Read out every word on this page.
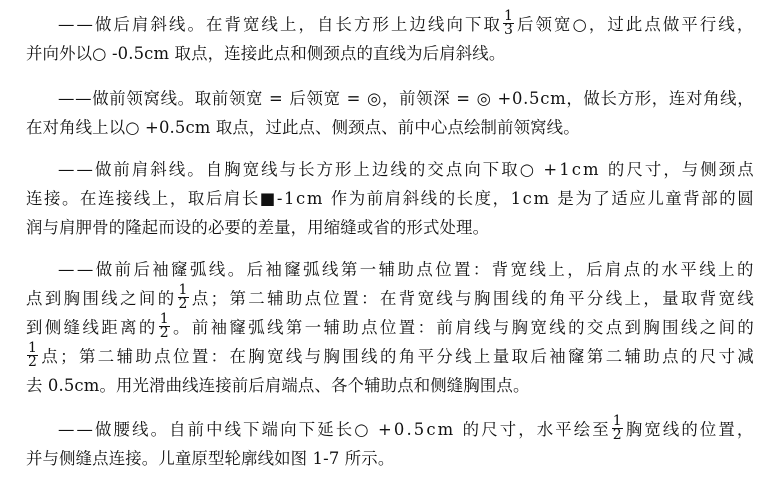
— — 做 后 肩 斜 线 。 在 背 宽 线 上 ， 自 长 方 形 上 边 线 向 下 取 $\frac{1}{3}$ 后 领 宽 ○ ， 过 此 点 做 平 行 线 ，
并向外以○ -0.5cm 取点，连接此点和侧颈点的直线为后肩斜线。
— — 做 前 领 窝 线 。 取 前 领 宽
=
后 领 宽
=
◎ ， 前 领 深
=
◎
+ 0 . 5 c m ， 做 长 方 形 ， 连 对 角 线 ，
在对角线上以○ +0.5cm 取点，过此点、侧颈点、前中心点绘制前领窝线。
— — 做 前 肩 斜 线 。 自 胸 宽 线 与 长 方 形 上 边 线 的 交 点 向 下 取 ○
+ 1 c m
的 尺 寸 ， 与 侧 颈 点
连 接 。 在 连 接 线 上 ， 取 后 肩 长 ■ - 1 c m
作 为 前 肩 斜 线 的 长 度 ， 1 c m
是 为 了 适 应 儿 童 背 部 的 圆
润与肩胛骨的隆起而设的必要的差量，用缩缝或省的形式处理。
— — 做 前 后 袖 窿 弧 线 。 后 袖 窿 弧 线 第 一 辅 助 点 位 置 ： 背 宽 线 上 ， 后 肩 点 的 水 平 线 上 的
点 到 胸 围 线 之 间 的 $\frac{1}{2}$ 点 ； 第 二 辅 助 点 位 置 ： 在 背 宽 线 与 胸 围 线 的 角 平 分 线 上 ， 量 取 背 宽 线
到 侧 缝 线 距 离 的 $\frac{1}{2}$ 。 前 袖 窿 弧 线 第 一 辅 助 点 位 置 ： 前 肩 线 与 胸 宽 线 的 交 点 到 胸 围 线 之 间 的
$\frac{1}{2}$ 点 ； 第 二 辅 助 点 位 置 ： 在 胸 宽 线 与 胸 围 线 的 角 平 分 线 上 量 取 后 袖 窿 第 二 辅 助 点 的 尺 寸 减
去 0.5cm。用光滑曲线连接前后肩端点、各个辅助点和侧缝胸围点。
— — 做 腰 线 。 自 前 中 线 下 端 向 下 延 长 ○
+ 0 . 5 c m
的 尺 寸 ， 水 平 绘 至 $\frac{1}{2}$ 胸 宽 线 的 位 置 ，
并与侧缝点连接。儿童原型轮廓线如图 1-7 所示。
